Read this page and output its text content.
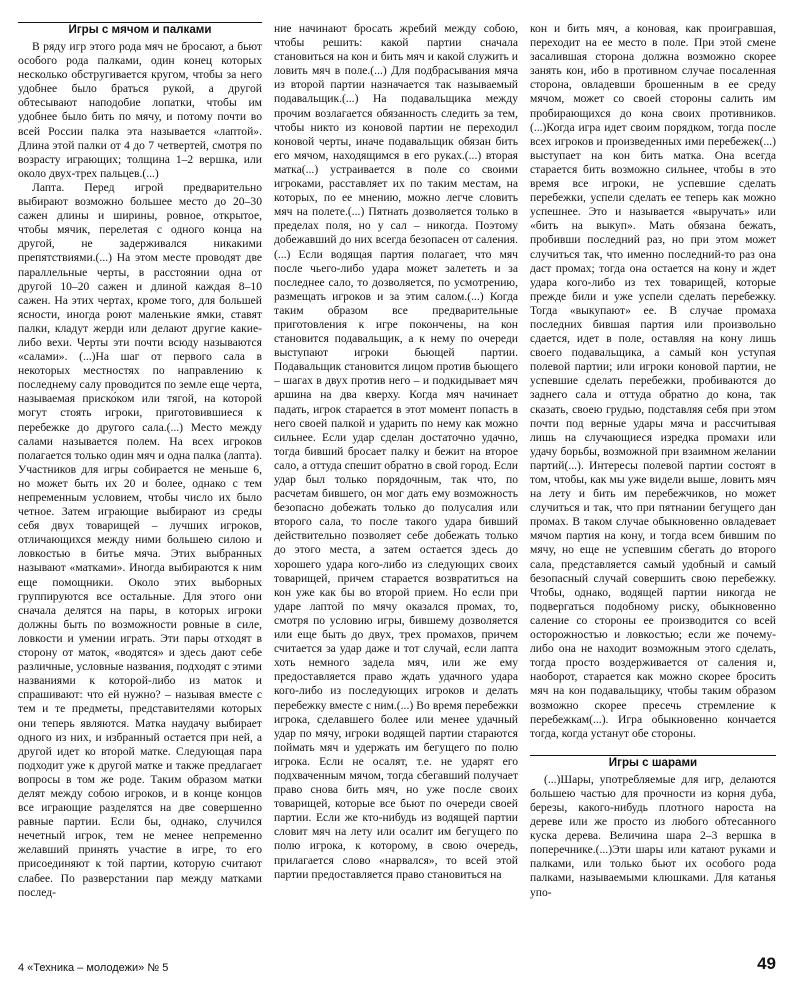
Игры с мячом и палками

В ряду игр этого рода мяч не бросают, а бьют особого рода палками, один конец которых несколько обстругивается кругом, чтобы за него удобнее было браться рукой, а другой обтесывают наподобие лопатки, чтобы им удобнее было бить по мячу, и потому почти во всей России палка эта называется «лаптой». Длина этой палки от 4 до 7 четвертей, смотря по возрасту играющих; толщина 1–2 вершка, или около двух-трех пальцев.(...)

Лапта. Перед игрой предварительно выбирают возможно большее место до 20–30 сажен длины и ширины, ровное, открытое, чтобы мячик, перелетая с одного конца на другой, не задерживался никакими препятствиями.(...) На этом месте проводят две параллельные черты, в расстоянии одна от другой 10–20 сажен и длиной каждая 8–10 сажен. На этих чертах, кроме того, для большей ясности, иногда роют маленькие ямки, ставят палки, кладут жерди или делают другие какие-либо вехи. Черты эти почти всюду называются «салами». (...)На шаг от первого сала в некоторых местностях по направлению к последнему салу проводится по земле еще черта, называемая приско́ком или тягой, на которой могут стоять игроки, приготовившиеся к перебежке до другого сала.(...) Место между салами называется полем. На всех игроков полагается только один мяч и одна палка (лапта). Участников для игры собирается не меньше 6, но может быть их 20 и более, однако с тем непременным условием, чтобы число их было четное. Затем играющие выбирают из среды себя двух товарищей – лучших игроков, отличающихся между ними большею силою и ловкостью в битье мяча. Этих выбранных называют «матками». Иногда выбираются к ним еще помощники. Около этих выборных группируются все остальные. Для этого они сначала делятся на пары, в которых игроки должны быть по возможности ровные в силе, ловкости и умении играть. Эти пары отходят в сторону от маток, «водятся» и здесь дают себе различные, условные названия, подходят с этими названиями к которой-либо из маток и спрашивают: что ей нужно? – называя вместе с тем и те предметы, представителями которых они теперь являются. Матка наудачу выбирает одного из них, и избранный остается при ней, а другой идет ко второй матке. Следующая пара подходит уже к другой матке и также предлагает вопросы в том же роде. Таким образом матки делят между собою игроков, и в конце концов все играющие разделятся на две совершенно равные партии. Если бы, однако, случился нечетный игрок, тем не менее непременно желавший принять участие в игре, то его присоединяют к той партии, которую считают слабее. По разверстании пар между матками послед-

ние начинают бросать жребий между собою, чтобы решить: какой партии сначала становиться на кон и бить мяч и какой служить и ловить мяч в поле.(...) Для подбрасывания мяча из второй партии назначается так называемый подавальщик.(...) На подавальщика между прочим возлагается обязанность следить за тем, чтобы никто из коновой партии не переходил коновой черты, иначе подавальщик обязан бить его мячом, находящимся в его руках.(...) вторая матка(...) устраивается в поле со своими игроками, расставляет их по таким местам, на которых, по ее мнению, можно легче словить мяч на полете.(...) Пятнать дозволяется только в пределах поля, но у сал – никогда. Поэтому добежавший до них всегда безопасен от саления.(...) Если водящая партия полагает, что мяч после чьего-либо удара может залететь и за последнее сало, то дозволяется, по усмотрению, размещать игроков и за этим салом.(...) Когда таким образом все предварительные приготовления к игре покончены, на кон становится подавальщик, а к нему по очереди выступают игроки бьющей партии. Подавальщик становится лицом против бьющего – шагах в двух против него – и подкидывает мяч аршина на два кверху. Когда мяч начинает падать, игрок старается в этот момент попасть в него своей палкой и ударить по нему как можно сильнее. Если удар сделан достаточно удачно, тогда бивший бросает палку и бежит на второе сало, а оттуда спешит обратно в свой город. Если удар был только порядочным, так что, по расчетам бившего, он мог дать ему возможность безопасно добежать только до полусалия или второго сала, то после такого удара бивший действительно позволяет себе добежать только до этого места, а затем остается здесь до хорошего удара кого-либо из следующих своих товарищей, причем старается возвратиться на кон уже как бы во второй прием. Но если при ударе лаптой по мячу оказался промах, то, смотря по условию игры, бившему дозволяется или еще быть до двух, трех промахов, причем считается за удар даже и тот случай, если лапта хоть немного задела мяч, или же ему предоставляется право ждать удачного удара кого-либо из последующих игроков и делать перебежку вместе с ним.(...) Во время перебежки игрока, сделавшего более или менее удачный удар по мячу, игроки водящей партии стараются поймать мяч и удержать им бегущего по полю игрока. Если не осалят, т.е. не ударят его подхваченным мячом, тогда сбегавший получает право снова бить мяч, но уже после своих товарищей, которые все бьют по очереди своей партии. Если же кто-нибудь из водящей партии словит мяч на лету или осалит им бегущего по полю игрока, к которому, в свою очередь, прилагается слово «нарвался», то всей этой партии предоставляется право становиться на

кон и бить мяч, а коновая, как проигравшая, переходит на ее место в поле. При этой смене засалившая сторона должна возможно скорее занять кон, ибо в противном случае посаленная сторона, овладевши брошенным в ее среду мячом, может со своей стороны салить им пробирающихся до кона своих противников. (...)Когда игра идет своим порядком, тогда после всех игроков и произведенных ими перебежек(...) выступает на кон бить матка. Она всегда старается бить возможно сильнее, чтобы в это время все игроки, не успевшие сделать перебежки, успели сделать ее теперь как можно успешнее. Это и называется «выручать» или «бить на выкуп». Мать обязана бежать, пробивши последний раз, но при этом может случиться так, что именно последний-то раз она даст промах; тогда она остается на кону и ждет удара кого-либо из тех товарищей, которые прежде били и уже успели сделать перебежку. Тогда «выкупают» ее. В случае промаха последних бившая партия или произвольно сдается, идет в поле, оставляя на кону лишь своего подавальщика, а самый кон уступая полевой партии; или игроки коновой партии, не успевшие сделать перебежки, пробиваются до заднего сала и оттуда обратно до кона, так сказать, своею грудью, подставляя себя при этом почти под верные удары мяча и рассчитывая лишь на случающиеся изредка промахи или удачу борьбы, возможной при взаимном желании партий(...). Интересы полевой партии состоят в том, чтобы, как мы уже видели выше, ловить мяч на лету и бить им перебежчиков, но может случиться и так, что при пятнании бегущего дан промах. В таком случае обыкновенно овладевает мячом партия на кону, и тогда всем бившим по мячу, но еще не успевшим сбегать до второго сала, представляется самый удобный и самый безопасный случай совершить свою перебежку. Чтобы, однако, водящей партии никогда не подвергаться подобному риску, обыкновенно саление со стороны ее производится со всей осторожностью и ловкостью; если же почему-либо она не находит возможным этого сделать, тогда просто воздерживается от саления и, наоборот, старается как можно скорее бросить мяч на кон подавальщику, чтобы таким образом возможно скорее пресечь стремление к перебежкам(...). Игра обыкновенно кончается тогда, когда устанут обе стороны.

Игры с шарами

(...)Шары, употребляемые для игр, делаются большею частью для прочности из корня дуба, березы, какого-нибудь плотного нароста на дереве или же просто из любого обтесанного куска дерева. Величина шара 2–3 вершка в поперечнике.(...)Эти шары или катают руками и палками, или только бьют их особого рода палками, называемыми клюшками. Для катанья упо-

4 «Техника – молодежи» № 5	49
